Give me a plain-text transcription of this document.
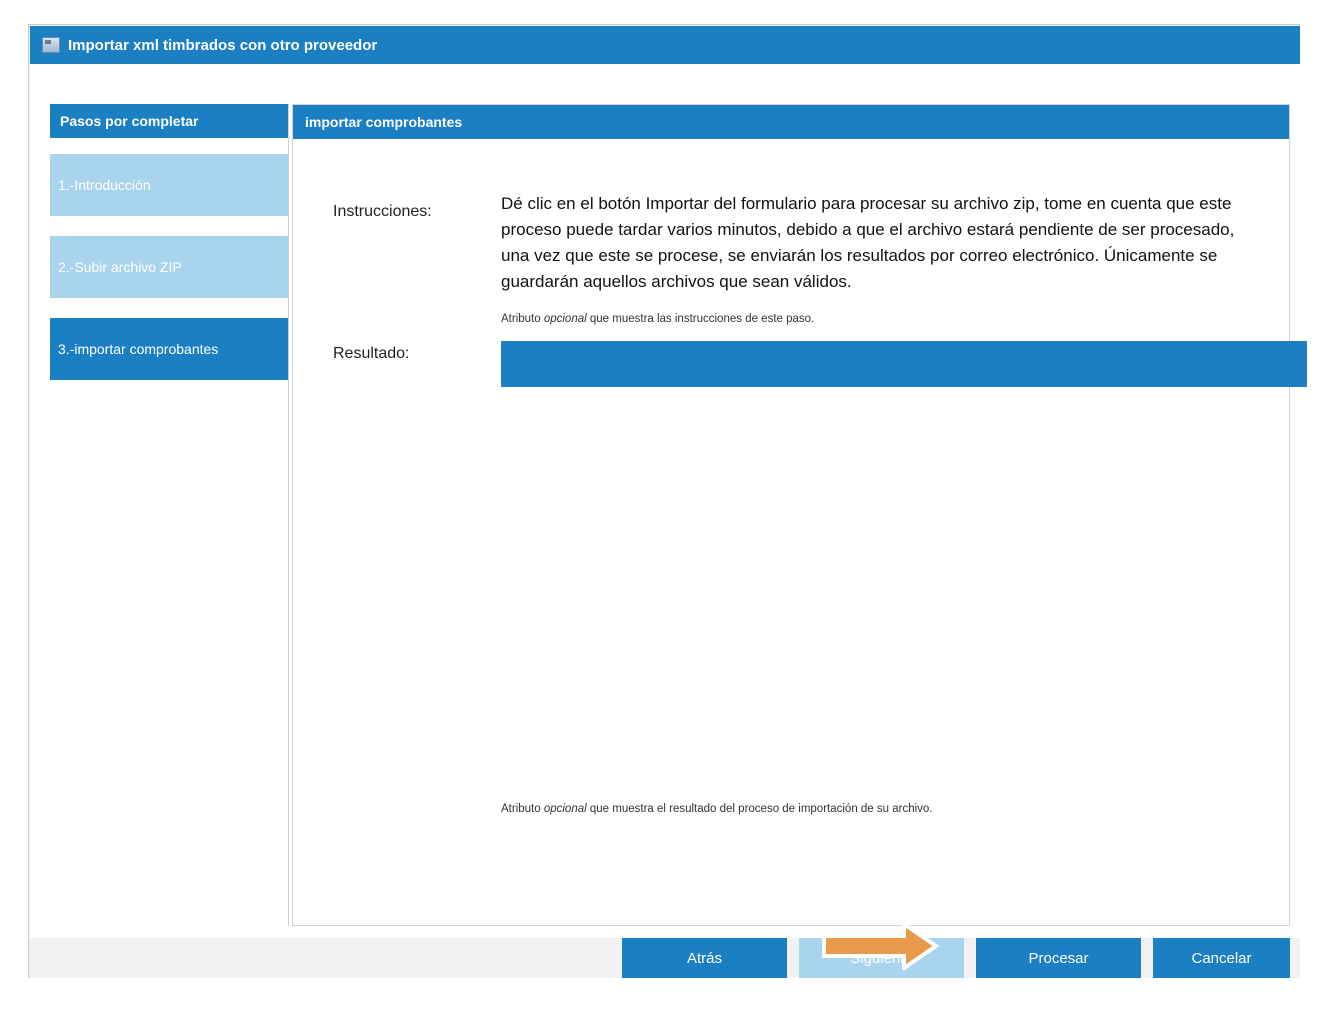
Importar xml timbrados con otro proveedor
Pasos por completar
1.-Introducción
2.-Subir archivo ZIP
3.-importar comprobantes
importar comprobantes
Instrucciones:	Dé clic en el botón Importar del formulario para procesar su archivo zip, tome en cuenta que este proceso puede tardar varios minutos, debido a que el archivo estará pendiente de ser procesado, una vez que este se procese, se enviarán los resultados por correo electrónico. Únicamente se guardarán aquellos archivos que sean válidos.
Atributo opcional que muestra las instrucciones de este paso.
Resultado:
Atributo opcional que muestra el resultado del proceso de importación de su archivo.
Atrás	Procesar	Cancelar
